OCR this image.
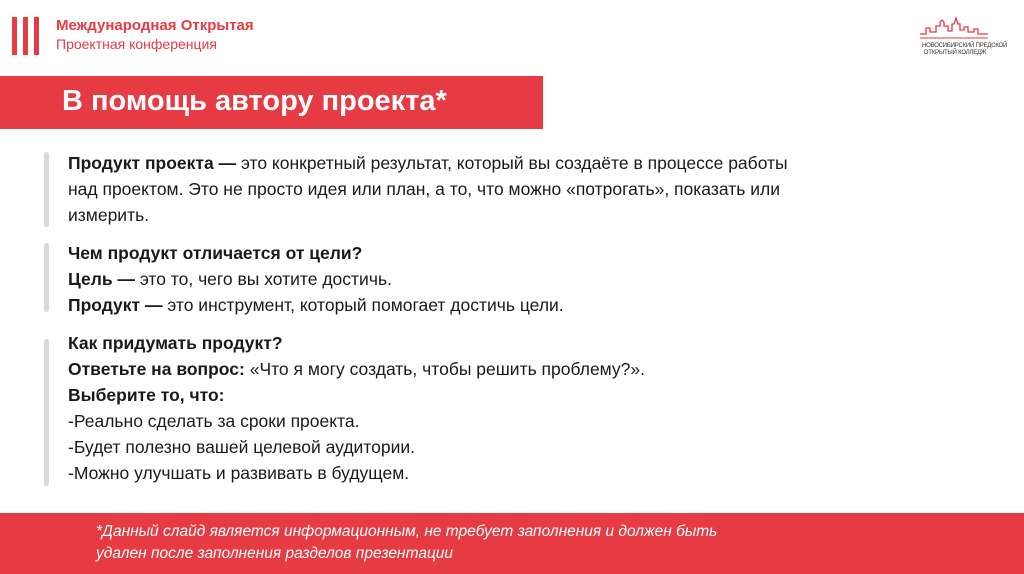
Международная Открытая
Проектная конференция	НОВОСИБИРСКИЙ ПРЕДСКОЙ
ОТКРЫТЫЙ КОЛЛЕДЖ
В помощь автору проекта*

Продукт проекта — это конкретный результат, который вы создаёте в процессе работы

над проектом. Это не просто идея или план, а то, что можно «потрогать», показать или

измерить.

Чем продукт отличается от цели?

Цель — это то, чего вы хотите достичь.

Продукт — это инструмент, который помогает достичь цели.

Как придумать продукт?

Ответьте на вопрос: «Что я могу создать, чтобы решить проблему?».

Выберите то, что:

-Реально сделать за сроки проекта.

-Будет полезно вашей целевой аудитории.

-Можно улучшать и развивать в будущем.

*Данный слайд является информационным, не требует заполнения и должен быть
удален после заполнения разделов презентации
